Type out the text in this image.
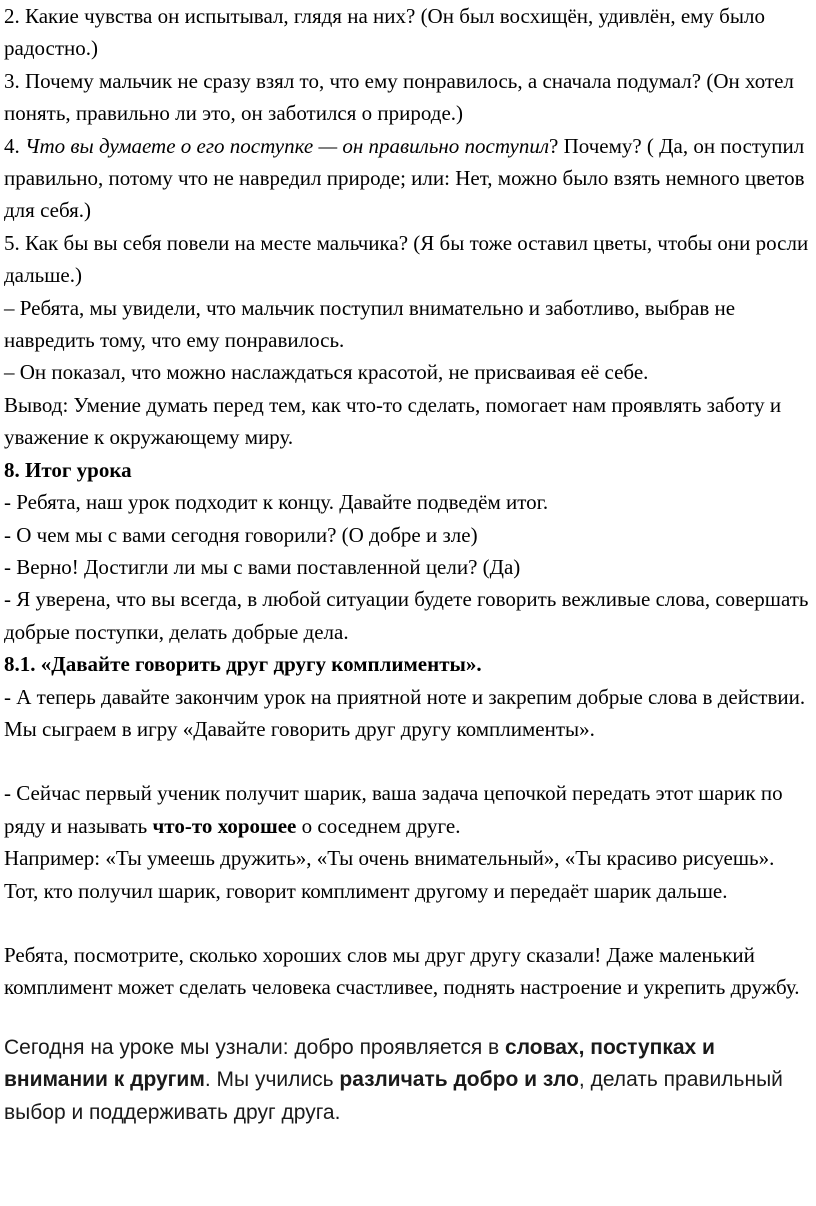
2. Какие чувства он испытывал, глядя на них? (Он был восхищён, удивлён, ему было радостно.)

3. Почему мальчик не сразу взял то, что ему понравилось, а сначала подумал? (Он хотел понять, правильно ли это, он заботился о природе.)

4. Что вы думаете о его поступке — он правильно поступил? Почему? ( Да, он поступил правильно, потому что не навредил природе; или: Нет, можно было взять немного цветов для себя.)

5. Как бы вы себя повели на месте мальчика? (Я бы тоже оставил цветы, чтобы они росли дальше.)

– Ребята, мы увидели, что мальчик поступил внимательно и заботливо, выбрав не навредить тому, что ему понравилось.

– Он показал, что можно наслаждаться красотой, не присваивая её себе.

Вывод: Умение думать перед тем, как что-то сделать, помогает нам проявлять заботу и уважение к окружающему миру.

8. Итог урока

- Ребята, наш урок подходит к концу. Давайте подведём итог.

- О чем мы с вами сегодня говорили? (О добре и зле)

- Верно! Достигли ли мы с вами поставленной цели? (Да)

- Я уверена, что вы всегда, в любой ситуации будете говорить вежливые слова, совершать добрые поступки, делать добрые дела.

8.1. «Давайте говорить друг другу комплименты».

- А теперь давайте закончим урок на приятной ноте и закрепим добрые слова в действии. Мы сыграем в игру «Давайте говорить друг другу комплименты».

- Сейчас первый ученик получит шарик, ваша задача цепочкой передать этот шарик по ряду и называть что-то хорошее о соседнем друге.

Например: «Ты умеешь дружить», «Ты очень внимательный», «Ты красиво рисуешь». Тот, кто получил шарик, говорит комплимент другому и передаёт шарик дальше.

Ребята, посмотрите, сколько хороших слов мы друг другу сказали! Даже маленький комплимент может сделать человека счастливее, поднять настроение и укрепить дружбу.

Сегодня на уроке мы узнали: добро проявляется в словах, поступках и внимании к другим. Мы учились различать добро и зло, делать правильный выбор и поддерживать друг друга.
